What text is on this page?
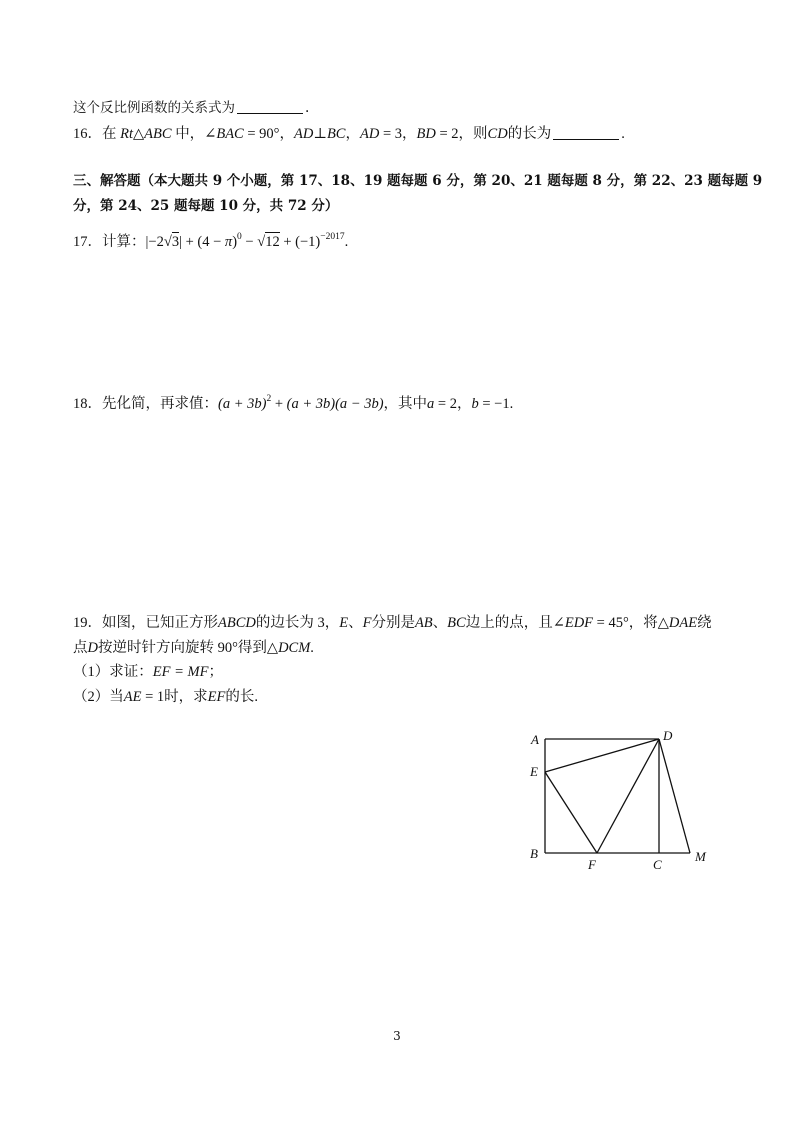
这个反比例函数的关系式为	.
16．在 Rt△ABC 中，∠BAC = 90°，AD⊥BC，AD = 3，BD = 2，则CD的长为	.
三、解答题（本大题共 9 个小题，第 17、18、19 题每题 6 分，第 20、21 题每题 8 分，第 22、23 题每题 9
分，第 24、25 题每题 10 分，共 72 分）
17．计算：$|-2√3| + (4 - \pi)^0 - √12 + (-1)^{-2017}$.
18．先化简，再求值：$(a + 3b)^2 + (a + 3b)(a - 3b)$，其中a = 2，b = −1.
19．如图，已知正方形ABCD的边长为 3，E、F分别是AB、BC边上的点，且∠EDF = 45°，将△DAE绕
点D按逆时针方向旋转 90°得到△DCM.
（1）求证：EF = MF；
（2）当AE = 1时，求EF的长.
A	D
E
B
F	C
M
3
